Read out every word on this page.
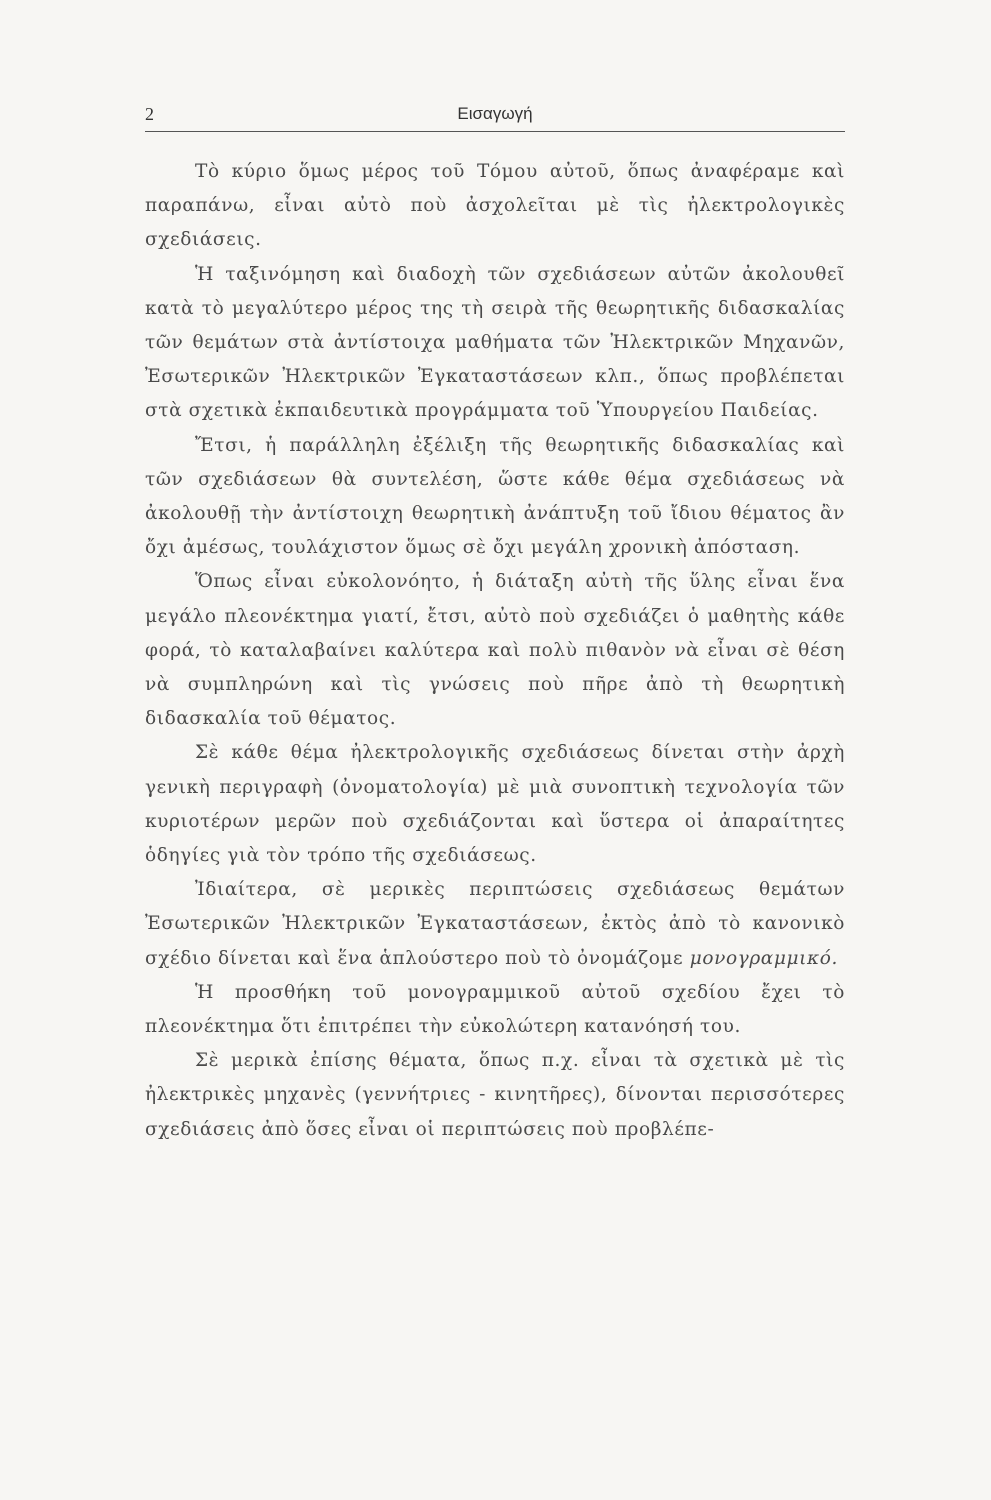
2	Εισαγωγή

Τὸ κύριο ὅμως μέρος τοῦ Τόμου αὐτοῦ, ὅπως ἀναφέραμε καὶ παραπάνω, εἶναι αὐτὸ ποὺ ἀσχολεῖται μὲ τὶς ἠλεκτρολογικὲς σχεδιάσεις.

Ἡ ταξινόμηση καὶ διαδοχὴ τῶν σχεδιάσεων αὐτῶν ἀκολουθεῖ κατὰ τὸ μεγαλύτερο μέρος της τὴ σειρὰ τῆς θεωρητικῆς διδασκαλίας τῶν θεμάτων στὰ ἀντίστοιχα μαθήματα τῶν Ἠλεκτρικῶν Μηχανῶν, Ἐσωτερικῶν Ἠλεκτρικῶν Ἐγκαταστάσεων κλπ., ὅπως προβλέπεται στὰ σχετικὰ ἐκπαιδευτικὰ προγράμματα τοῦ Ὑπουργείου Παιδείας.

Ἔτσι, ἡ παράλληλη ἐξέλιξη τῆς θεωρητικῆς διδασκαλίας καὶ τῶν σχεδιάσεων θὰ συντελέση, ὥστε κάθε θέμα σχεδιάσεως νὰ ἀκολουθῇ τὴν ἀντίστοιχη θεωρητικὴ ἀνάπτυξη τοῦ ἴδιου θέματος ἂν ὄχι ἀμέσως, τουλάχιστον ὅμως σὲ ὄχι μεγάλη χρονικὴ ἀπόσταση.

Ὅπως εἶναι εὐκολονόητο, ἡ διάταξη αὐτὴ τῆς ὕλης εἶναι ἕνα μεγάλο πλεονέκτημα γιατί, ἔτσι, αὐτὸ ποὺ σχεδιάζει ὁ μαθητὴς κάθε φορά, τὸ καταλαβαίνει καλύτερα καὶ πολὺ πιθανὸν νὰ εἶναι σὲ θέση νὰ συμπληρώνη καὶ τὶς γνώσεις ποὺ πῆρε ἀπὸ τὴ θεωρητικὴ διδασκαλία τοῦ θέματος.

Σὲ κάθε θέμα ἠλεκτρολογικῆς σχεδιάσεως δίνεται στὴν ἀρχὴ γενικὴ περιγραφὴ (ὀνοματολογία) μὲ μιὰ συνοπτικὴ τεχνολογία τῶν κυριοτέρων μερῶν ποὺ σχεδιάζονται καὶ ὕστερα οἱ ἀπαραίτητες ὁδηγίες γιὰ τὸν τρόπο τῆς σχεδιάσεως.

Ἰδιαίτερα, σὲ μερικὲς περιπτώσεις σχεδιάσεως θεμάτων Ἐσωτερικῶν Ἠλεκτρικῶν Ἐγκαταστάσεων, ἐκτὸς ἀπὸ τὸ κανονικὸ σχέδιο δίνεται καὶ ἕνα ἁπλούστερο ποὺ τὸ ὀνομάζομε μονογραμμικό.

Ἡ προσθήκη τοῦ μονογραμμικοῦ αὐτοῦ σχεδίου ἔχει τὸ πλεονέκτημα ὅτι ἐπιτρέπει τὴν εὐκολώτερη κατανόησή του.

Σὲ μερικὰ ἐπίσης θέματα, ὅπως π.χ. εἶναι τὰ σχετικὰ μὲ τὶς ἠλεκτρικὲς μηχανὲς (γεννήτριες - κινητῆρες), δίνονται περισσότερες σχεδιάσεις ἀπὸ ὅσες εἶναι οἱ περιπτώσεις ποὺ προβλέπε-
